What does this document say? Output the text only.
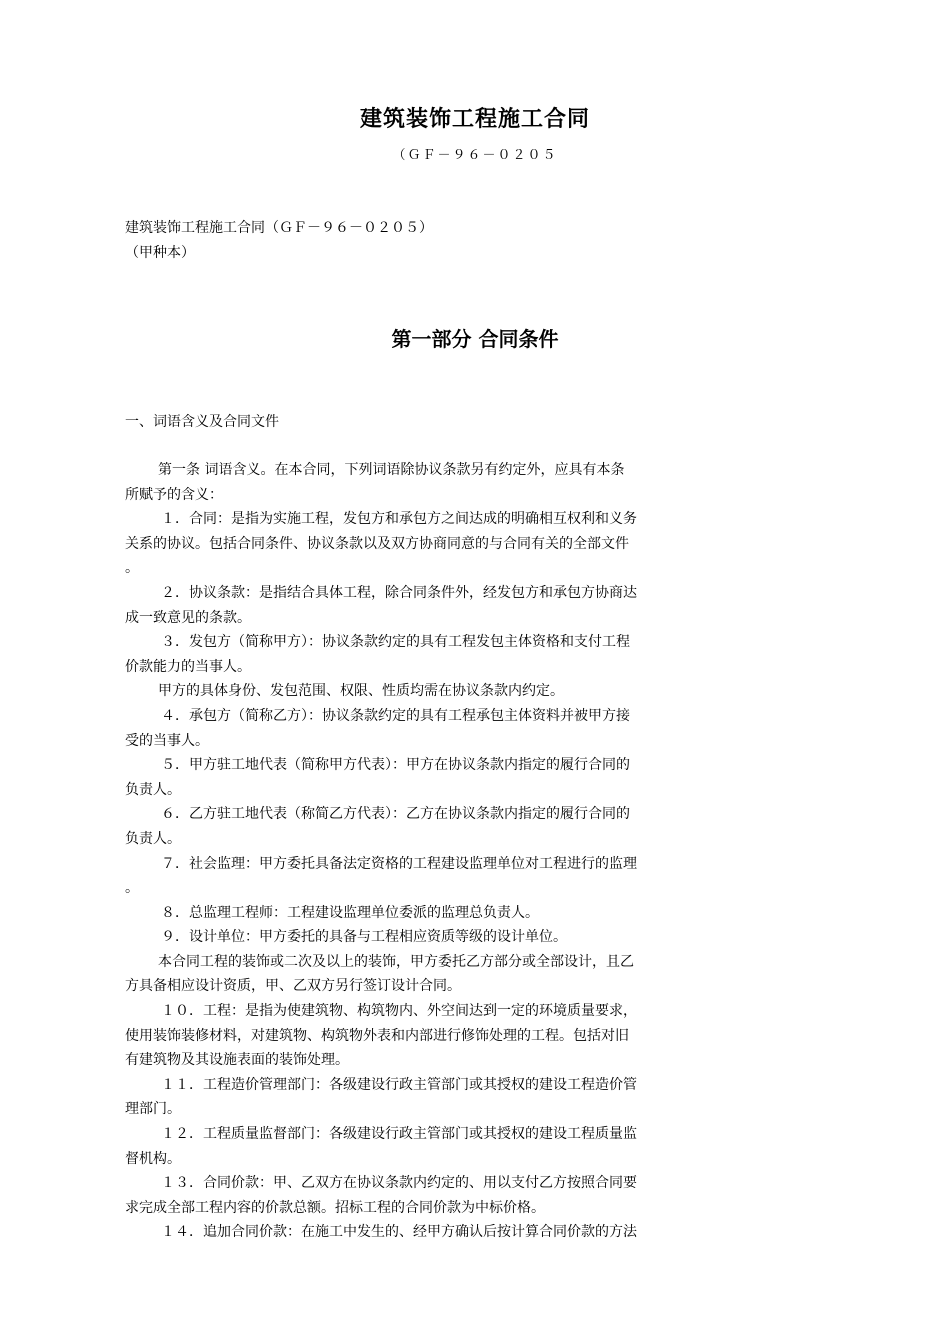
建筑装饰工程施工合同
（ＧＦ－９６－０２０５
建筑装饰工程施工合同（ＧＦ－９６－０２０５）
（甲种本）
第一部分 合同条件
一、词语含义及合同文件
第一条 词语含义。在本合同，下列词语除协议条款另有约定外，应具有本条
所赋予的含义：
１．合同：是指为实施工程，发包方和承包方之间达成的明确相互权利和义务
关系的协议。包括合同条件、协议条款以及双方协商同意的与合同有关的全部文件
。
２．协议条款：是指结合具体工程，除合同条件外，经发包方和承包方协商达
成一致意见的条款。
３．发包方（简称甲方）：协议条款约定的具有工程发包主体资格和支付工程
价款能力的当事人。
甲方的具体身份、发包范围、权限、性质均需在协议条款内约定。
４．承包方（简称乙方）：协议条款约定的具有工程承包主体资料并被甲方接
受的当事人。
５．甲方驻工地代表（简称甲方代表）：甲方在协议条款内指定的履行合同的
负责人。
６．乙方驻工地代表（称简乙方代表）：乙方在协议条款内指定的履行合同的
负责人。
７．社会监理：甲方委托具备法定资格的工程建设监理单位对工程进行的监理
。
８．总监理工程师：工程建设监理单位委派的监理总负责人。
９．设计单位：甲方委托的具备与工程相应资质等级的设计单位。
本合同工程的装饰或二次及以上的装饰，甲方委托乙方部分或全部设计，且乙
方具备相应设计资质，甲、乙双方另行签订设计合同。
１０．工程：是指为使建筑物、构筑物内、外空间达到一定的环境质量要求，
使用装饰装修材料，对建筑物、构筑物外表和内部进行修饰处理的工程。包括对旧
有建筑物及其设施表面的装饰处理。
１１．工程造价管理部门：各级建设行政主管部门或其授权的建设工程造价管
理部门。
１２．工程质量监督部门：各级建设行政主管部门或其授权的建设工程质量监
督机构。
１３．合同价款：甲、乙双方在协议条款内约定的、用以支付乙方按照合同要
求完成全部工程内容的价款总额。招标工程的合同价款为中标价格。
１４．追加合同价款：在施工中发生的、经甲方确认后按计算合同价款的方法
